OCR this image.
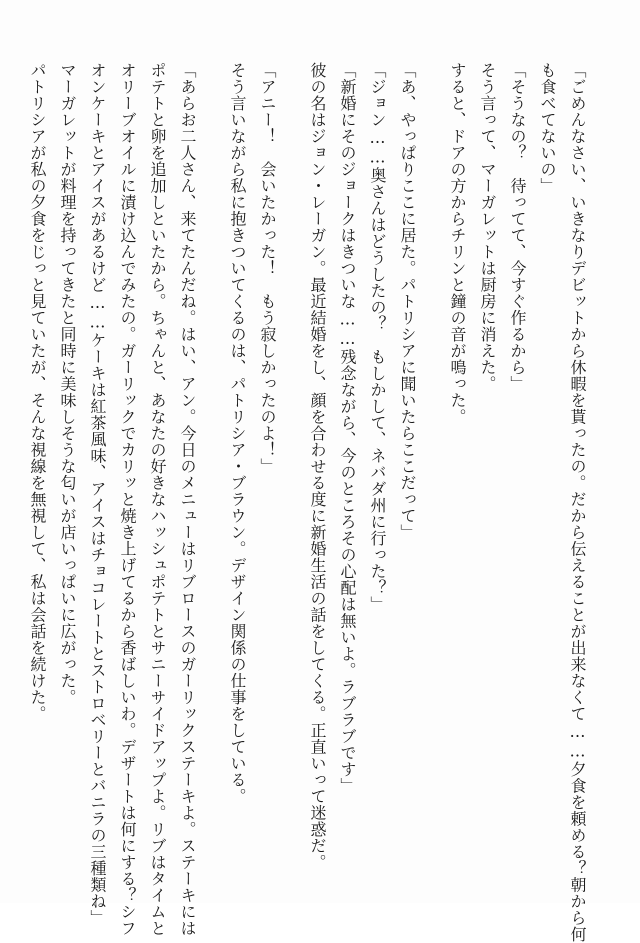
「ごめんなさい、いきなりデビットから休暇を貰ったの。だから伝えることが出来なくて……夕食を頼める？朝から何
も食べてないの」
「そうなの？　待ってて、今すぐ作るから」
そう言って、マーガレットは厨房に消えた。
すると、ドアの方からチリンと鐘の音が鳴った。
「あ、やっぱりここに居た。パトリシアに聞いたらここだって」
「ジョン……奥さんはどうしたの？　もしかして、ネバダ州に行った？」
「新婚にそのジョークはきついな……残念ながら、今のところその心配は無いよ。ラブラブです」
彼の名はジョン・レーガン。最近結婚をし、顔を合わせる度に新婚生活の話をしてくる。正直いって迷惑だ。
「アニー！　会いたかった！　もう寂しかったのよ！」
そう言いながら私に抱きついてくるのは、パトリシア・ブラウン。デザイン関係の仕事をしている。
「あらお二人さん、来てたんだね。はい、アン。今日のメニューはリブロースのガーリックステーキよ。ステーキには
ポテトと卵を追加しといたから。ちゃんと、あなたの好きなハッシュポテトとサニーサイドアップよ。リブはタイムと
オリーブオイルに漬け込んでみたの。ガーリックでカリッと焼き上げてるから香ばしいわ。デザートは何にする？シフ
オンケーキとアイスがあるけど……ケーキは紅茶風味、アイスはチョコレートとストロベリーとバニラの三種類ね」
マーガレットが料理を持ってきたと同時に美味しそうな匂いが店いっぱいに広がった。
パトリシアが私の夕食をじっと見ていたが、そんな視線を無視して、私は会話を続けた。
